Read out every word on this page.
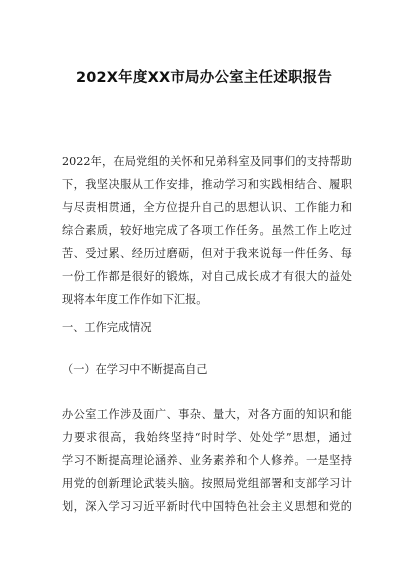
202X年度XX市局办公室主任述职报告
2022年，在局党组的关怀和兄弟科室及同事们的支持帮助
下，我坚决服从工作安排，推动学习和实践相结合、履职
与尽责相贯通，全方位提升自己的思想认识、工作能力和
综合素质，较好地完成了各项工作任务。虽然工作上吃过
苦、受过累、经历过磨砺，但对于我来说每一件任务、每
一份工作都是很好的锻炼，对自己成长成才有很大的益处
现将本年度工作作如下汇报。
一、工作完成情况
（一）在学习中不断提高自己
办公室工作涉及面广、事杂、量大，对各方面的知识和能
力要求很高，我始终坚持“时时学、处处学”思想，通过
学习不断提高理论涵养、业务素养和个人修养。一是坚持
用党的创新理论武装头脑。按照局党组部署和支部学习计
划，深入学习习近平新时代中国特色社会主义思想和党的
